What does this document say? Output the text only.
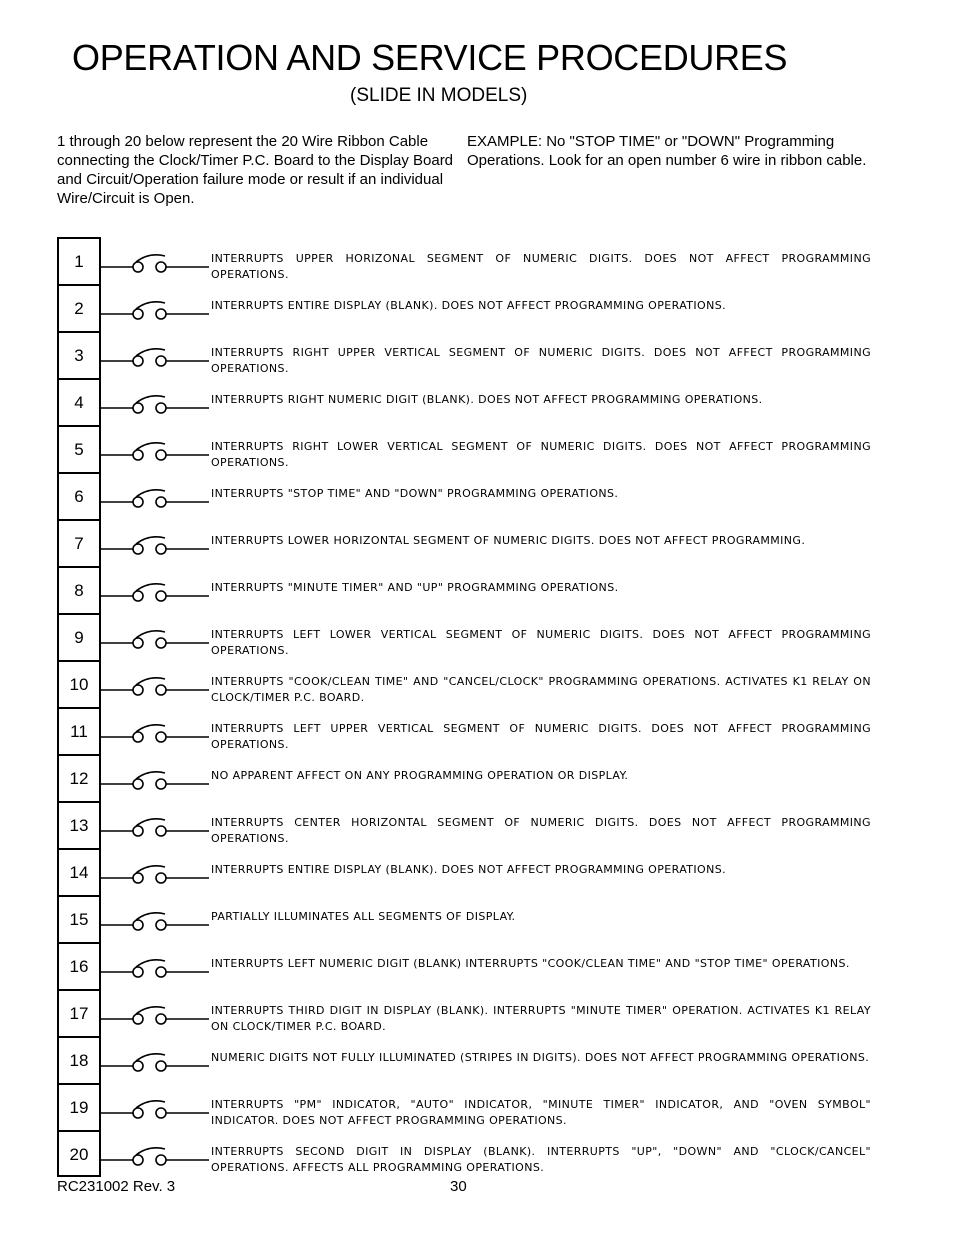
OPERATION AND SERVICE PROCEDURES
(SLIDE IN MODELS)
1 through 20 below represent the 20 Wire Ribbon Cable connecting the Clock/Timer P.C. Board to the Display Board and Circuit/Operation failure mode or result if an individual Wire/Circuit is Open.
EXAMPLE: No "STOP TIME" or "DOWN" Programming Operations. Look for an open number 6 wire in ribbon cable.
1	INTERRUPTS UPPER HORIZONAL SEGMENT OF NUMERIC DIGITS. DOES NOT AFFECT PROGRAMMING OPERATIONS.
2	INTERRUPTS ENTIRE DISPLAY (BLANK). DOES NOT AFFECT PROGRAMMING OPERATIONS.
3	INTERRUPTS RIGHT UPPER VERTICAL SEGMENT OF NUMERIC DIGITS. DOES NOT AFFECT PROGRAMMING OPERATIONS.
4	INTERRUPTS RIGHT NUMERIC DIGIT (BLANK). DOES NOT AFFECT PROGRAMMING OPERATIONS.
5	INTERRUPTS RIGHT LOWER VERTICAL SEGMENT OF NUMERIC DIGITS. DOES NOT AFFECT PROGRAMMING OPERATIONS.
6	INTERRUPTS "STOP TIME" AND "DOWN" PROGRAMMING OPERATIONS.
7	INTERRUPTS LOWER HORIZONTAL SEGMENT OF NUMERIC DIGITS. DOES NOT AFFECT PROGRAMMING.
8	INTERRUPTS "MINUTE TIMER" AND "UP" PROGRAMMING OPERATIONS.
9	INTERRUPTS LEFT LOWER VERTICAL SEGMENT OF NUMERIC DIGITS. DOES NOT AFFECT PROGRAMMING OPERATIONS.
10	INTERRUPTS "COOK/CLEAN TIME" AND "CANCEL/CLOCK" PROGRAMMING OPERATIONS. ACTIVATES K1 RELAY ON CLOCK/TIMER P.C. BOARD.
11	INTERRUPTS LEFT UPPER VERTICAL SEGMENT OF NUMERIC DIGITS. DOES NOT AFFECT PROGRAMMING OPERATIONS.
12	NO APPARENT AFFECT ON ANY PROGRAMMING OPERATION OR DISPLAY.
13	INTERRUPTS CENTER HORIZONTAL SEGMENT OF NUMERIC DIGITS. DOES NOT AFFECT PROGRAMMING OPERATIONS.
14	INTERRUPTS ENTIRE DISPLAY (BLANK). DOES NOT AFFECT PROGRAMMING OPERATIONS.
15	PARTIALLY ILLUMINATES ALL SEGMENTS OF DISPLAY.
16	INTERRUPTS LEFT NUMERIC DIGIT (BLANK) INTERRUPTS "COOK/CLEAN TIME" AND "STOP TIME" OPERATIONS.
17	INTERRUPTS THIRD DIGIT IN DISPLAY (BLANK). INTERRUPTS "MINUTE TIMER" OPERATION. ACTIVATES K1 RELAY ON CLOCK/TIMER P.C. BOARD.
18	NUMERIC DIGITS NOT FULLY ILLUMINATED (STRIPES IN DIGITS). DOES NOT AFFECT PROGRAMMING OPERATIONS.
19	INTERRUPTS "PM" INDICATOR, "AUTO" INDICATOR, "MINUTE TIMER" INDICATOR, AND "OVEN SYMBOL" INDICATOR. DOES NOT AFFECT PROGRAMMING OPERATIONS.
20	INTERRUPTS SECOND DIGIT IN DISPLAY (BLANK). INTERRUPTS "UP", "DOWN" AND "CLOCK/CANCEL" OPERATIONS. AFFECTS ALL PROGRAMMING OPERATIONS.
RC231002 Rev. 3	30
